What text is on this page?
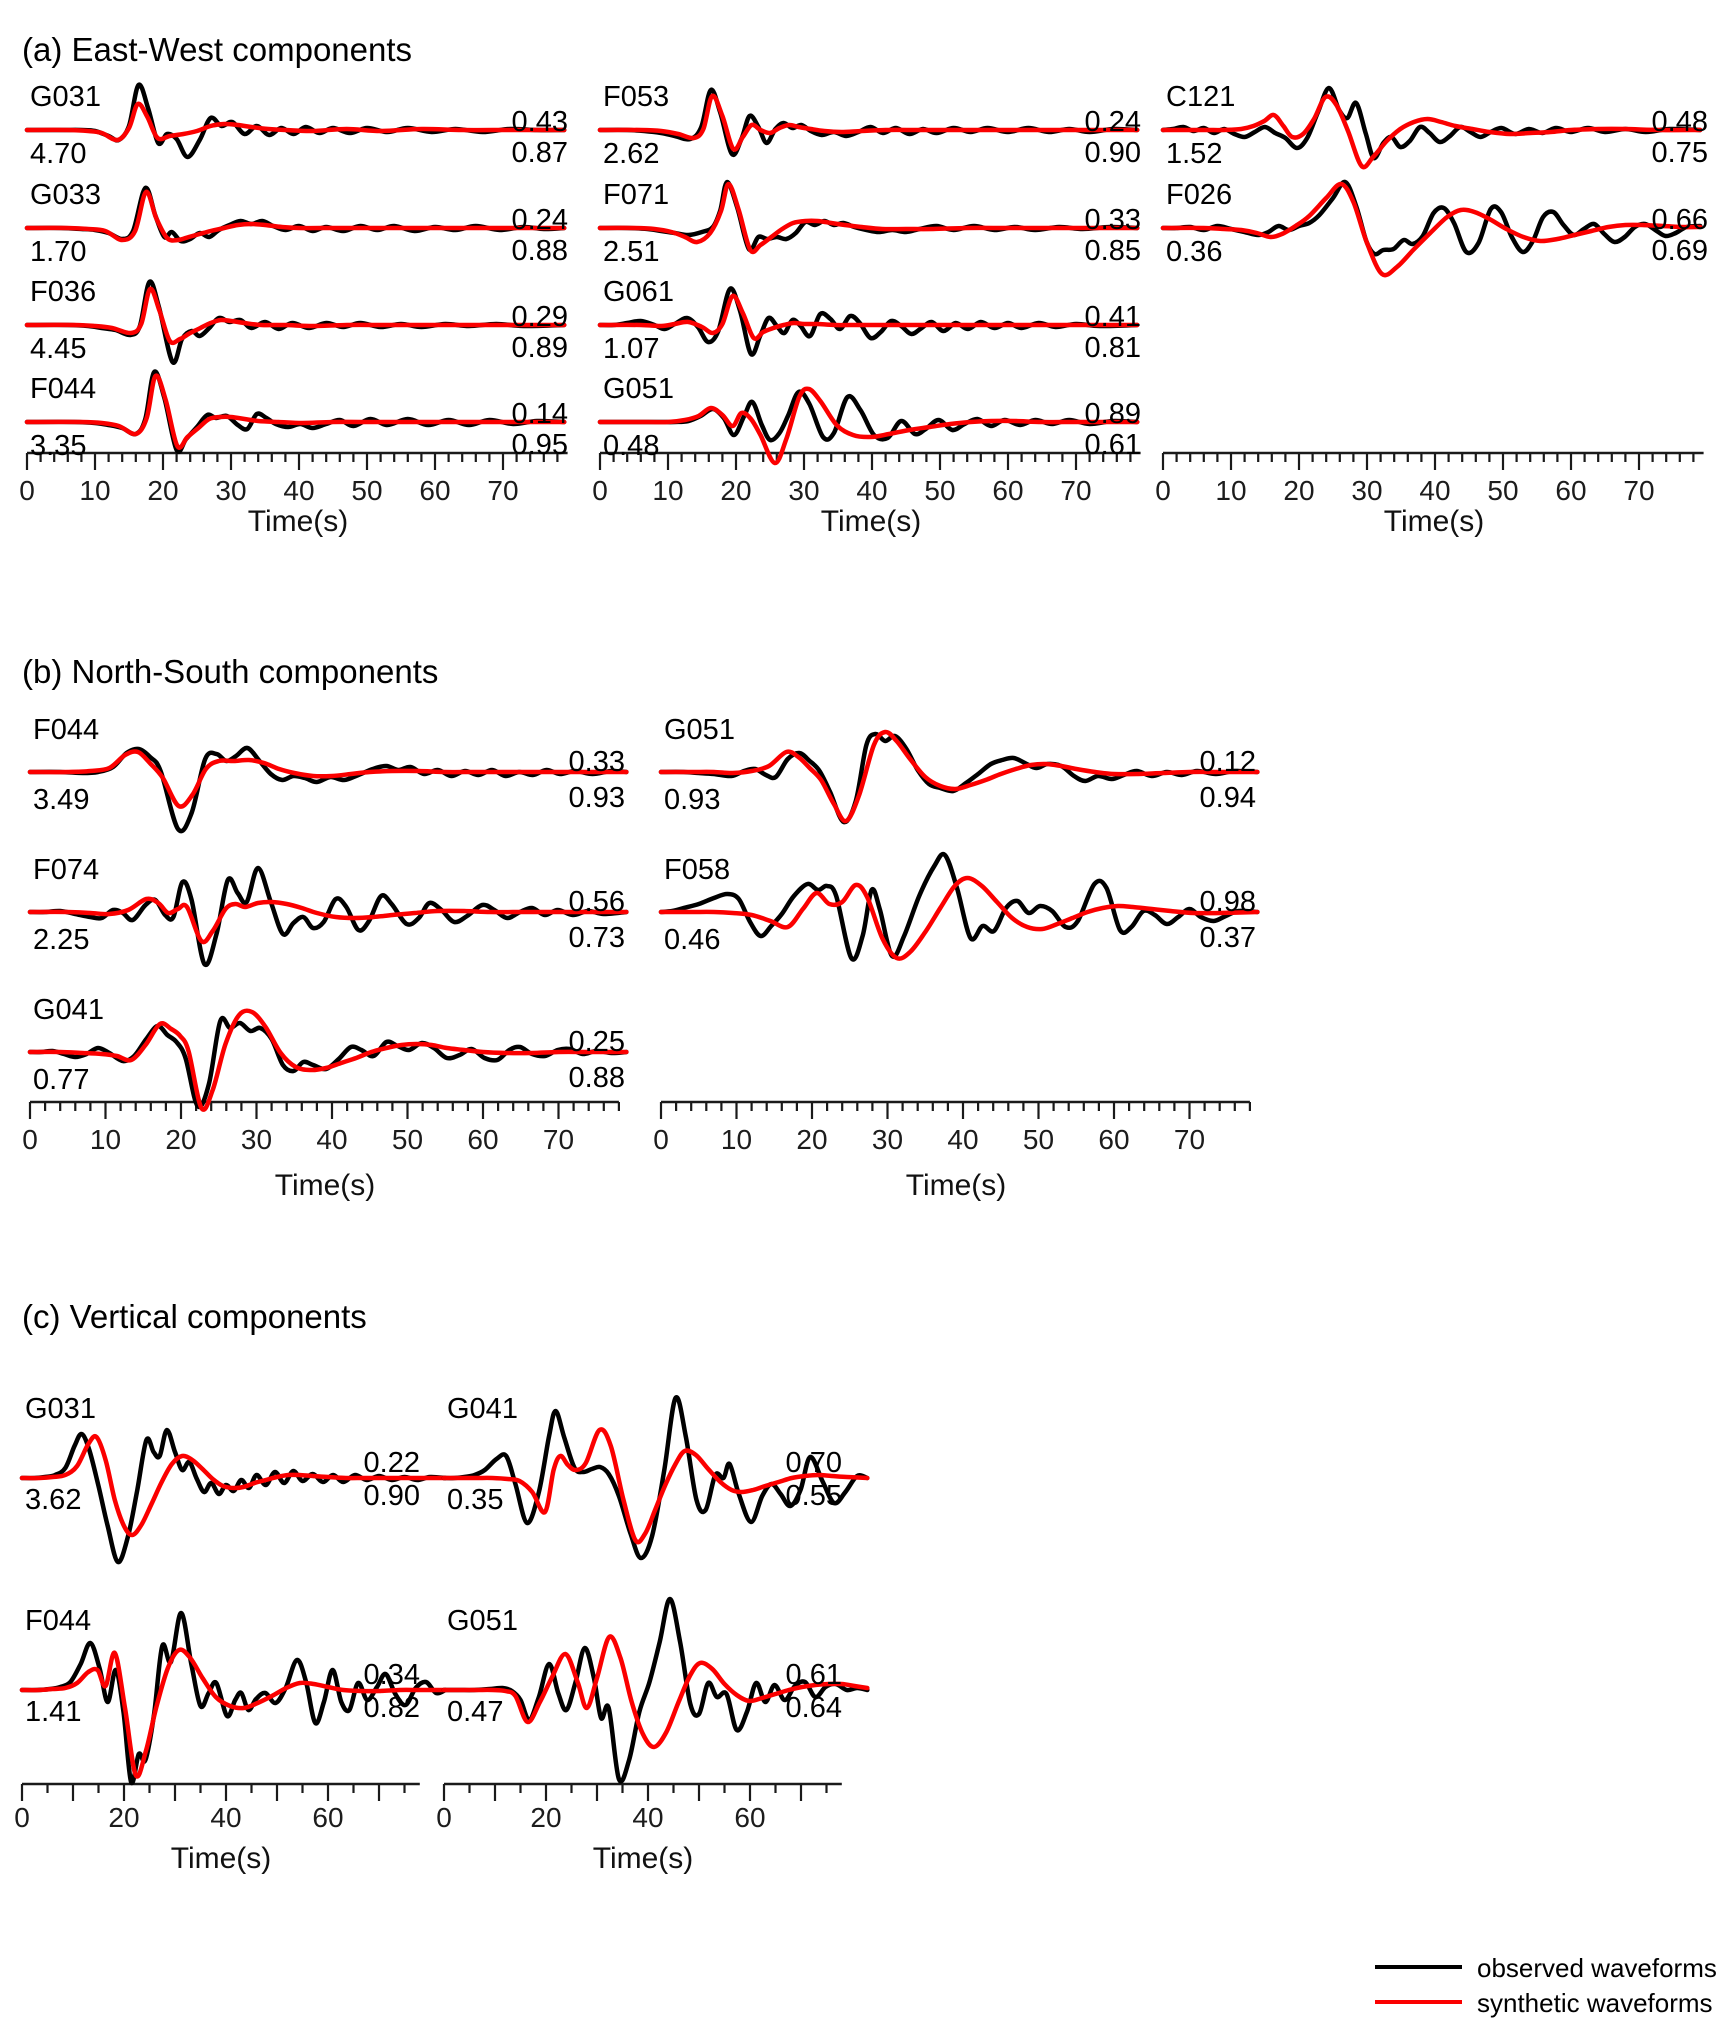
0 10 20 30 40 50 60 70	0 10 20 30 40 50 60 70 0 10 20 30 40 50 60 70
0 10 20 30 40 50 60 70	0 10 20 30 40 50 60 70
0	20	40	60	0	20	40	60
(a) East-West components
(b) North-South components
(c) Vertical components
G031
4.70
0.43
0.87
G033
1.70
0.24
0.88
F036
4.45
0.29
0.89
F044
3.35
0.14
0.95
F053
2.62
0.24
0.90
F071
2.51
0.33
0.85
G061
1.07
0.41
0.81
G051
0.48
0.89
0.61
C121
1.52
0.48
0.75
F026
0.36
0.66
0.69
F044
3.49
0.33
0.93
F074
2.25
0.56
0.73
G041
0.77
0.25
0.88
G051
0.93
0.12
0.94
F058
0.46
0.98
0.37
G031
3.62
0.22
0.90
F044
1.41
0.34
0.82
G041
0.35
0.70
0.55
G051
0.47
0.61
0.64
Time(s)	Time(s)	Time(s)
Time(s)	Time(s)
Time(s)	Time(s)
observed waveforms
synthetic waveforms
